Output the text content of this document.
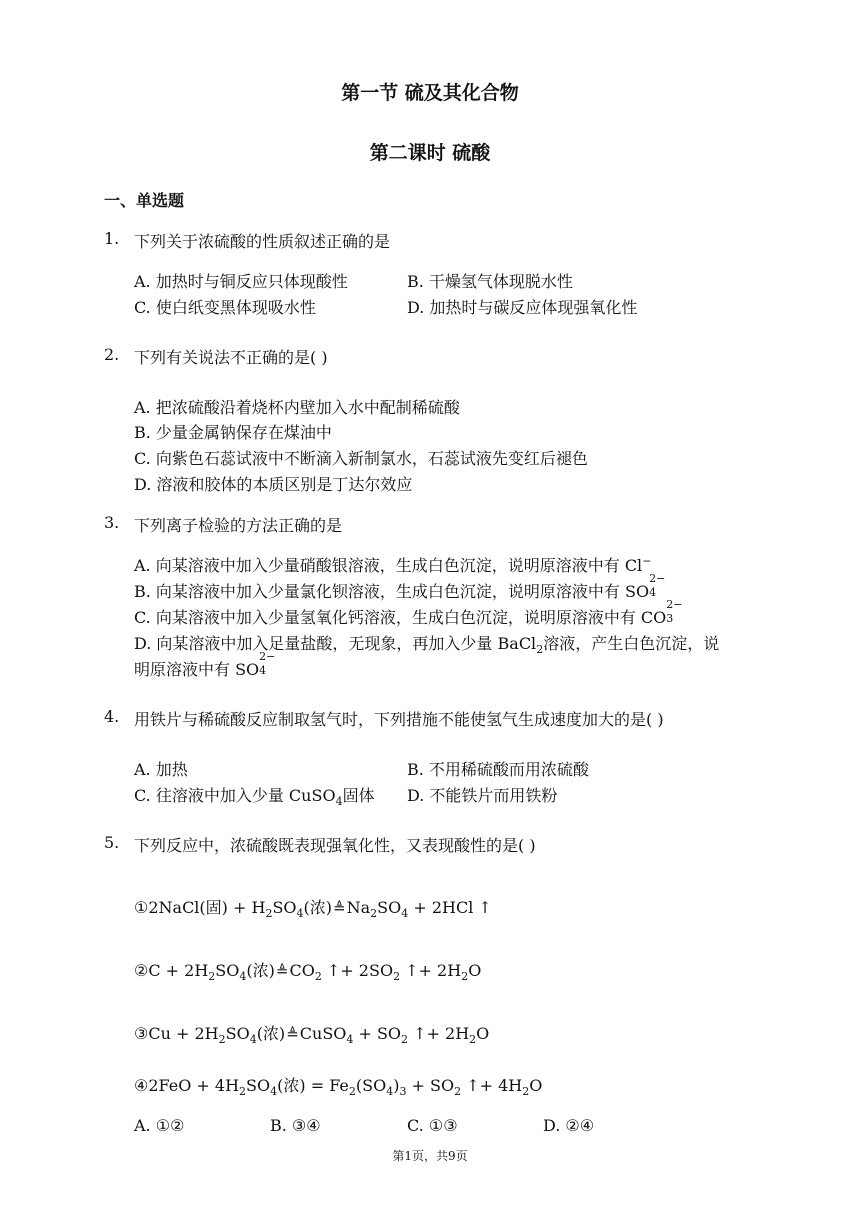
第一节 硫及其化合物
第二课时 硫酸
一、单选题
1. 下列关于浓硫酸的性质叙述正确的是
A. 加热时与铜反应只体现酸性	B. 干燥氢气体现脱水性
C. 使白纸变黑体现吸水性	D. 加热时与碳反应体现强氧化性
2. 下列有关说法不正确的是( )
A. 把浓硫酸沿着烧杯内壁加入水中配制稀硫酸
B. 少量金属钠保存在煤油中
C. 向紫色石蕊试液中不断滴入新制氯水，石蕊试液先变红后褪色
D. 溶液和胶体的本质区别是丁达尔效应
3. 下列离子检验的方法正确的是
A. 向某溶液中加入少量硝酸银溶液，生成白色沉淀，说明原溶液中有 Cl−
B. 向某溶液中加入少量氯化钡溶液，生成白色沉淀，说明原溶液中有 SO
2−
4
C. 向某溶液中加入少量氢氧化钙溶液，生成白色沉淀，说明原溶液中有 CO
2−
3
D. 向某溶液中加入足量盐酸，无现象，再加入少量 BaCl$_2$溶液，产生白色沉淀，说
明原溶液中有 SO
2−
4
4. 用铁片与稀硫酸反应制取氢气时，下列措施不能使氢气生成速度加大的是( )
A. 加热	B. 不用稀硫酸而用浓硫酸
C. 往溶液中加入少量 CuSO$_4$固体 D. 不能铁片而用铁粉
5. 下列反应中，浓硫酸既表现强氧化性，又表现酸性的是( )
①2NaCl(固) + $H_2SO_4$(浓)$≜Na_2SO_4 + 2HCl$ ↑
②C + $2H_2SO_4$(浓)$≜CO_2$ ↑+ $2SO_2$ ↑+ $2H_2O$
③Cu + $2H_2SO_4$(浓)≜CuSO$_4$ + $SO_2$ ↑+ $2H_2O$
④2FeO + $4H_2SO_4$(浓) = $Fe_2(SO_4)_3 + SO_2$ ↑+ $4H_2O$
A. ①②	B. ③④	C. ①③	D. ②④
第1页，共9页
